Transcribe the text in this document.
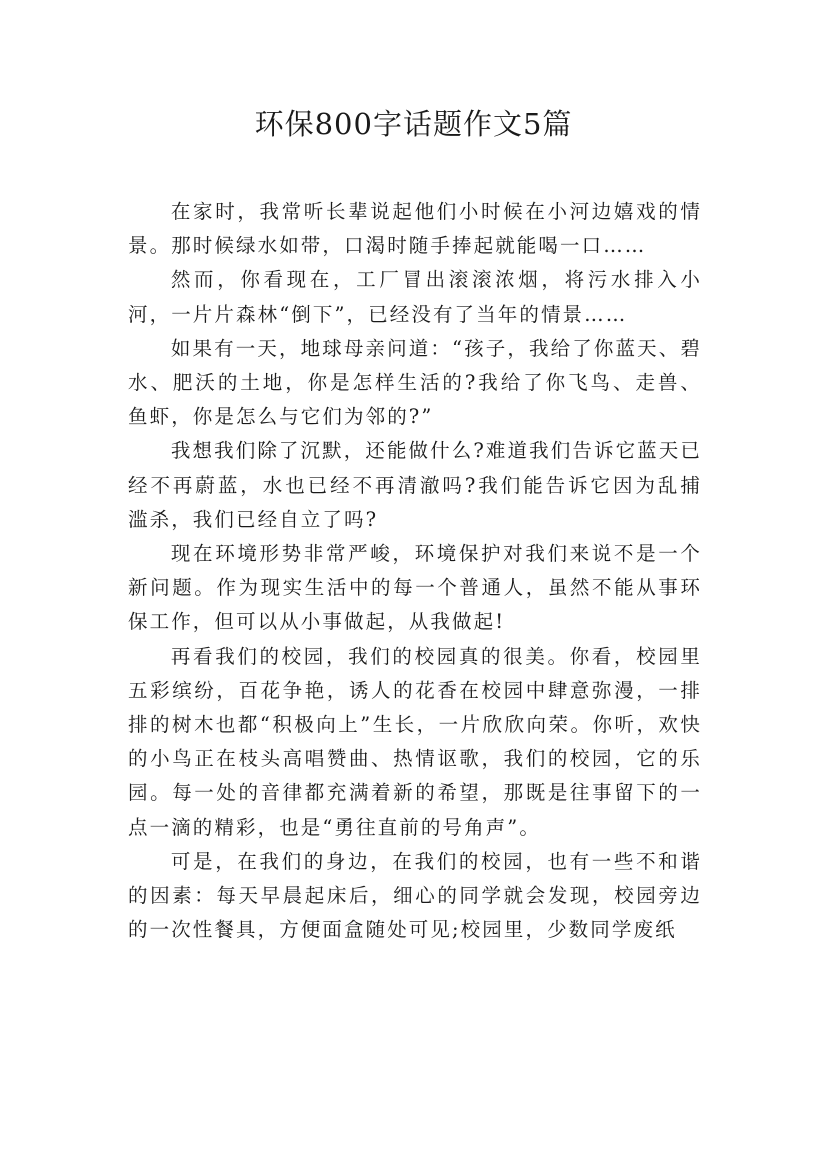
环保800字话题作文5篇

在家时，我常听长辈说起他们小时候在小河边嬉戏的情景。那时候绿水如带，口渴时随手捧起就能喝一口……

然而，你看现在，工厂冒出滚滚浓烟，将污水排入小河，一片片森林“倒下”，已经没有了当年的情景……

如果有一天，地球母亲问道：“孩子，我给了你蓝天、碧水、肥沃的土地，你是怎样生活的?我给了你飞鸟、走兽、鱼虾，你是怎么与它们为邻的?”

我想我们除了沉默，还能做什么?难道我们告诉它蓝天已经不再蔚蓝，水也已经不再清澈吗?我们能告诉它因为乱捕滥杀，我们已经自立了吗?

现在环境形势非常严峻，环境保护对我们来说不是一个新问题。作为现实生活中的每一个普通人，虽然不能从事环保工作，但可以从小事做起，从我做起!

再看我们的校园，我们的校园真的很美。你看，校园里五彩缤纷，百花争艳，诱人的花香在校园中肆意弥漫，一排排的树木也都“积极向上”生长，一片欣欣向荣。你听，欢快的小鸟正在枝头高唱赞曲、热情讴歌，我们的校园，它的乐园。每一处的音律都充满着新的希望，那既是往事留下的一点一滴的精彩，也是“勇往直前的号角声”。

可是，在我们的身边，在我们的校园，也有一些不和谐的因素：每天早晨起床后，细心的同学就会发现，校园旁边的一次性餐具，方便面盒随处可见;校园里，少数同学废纸
